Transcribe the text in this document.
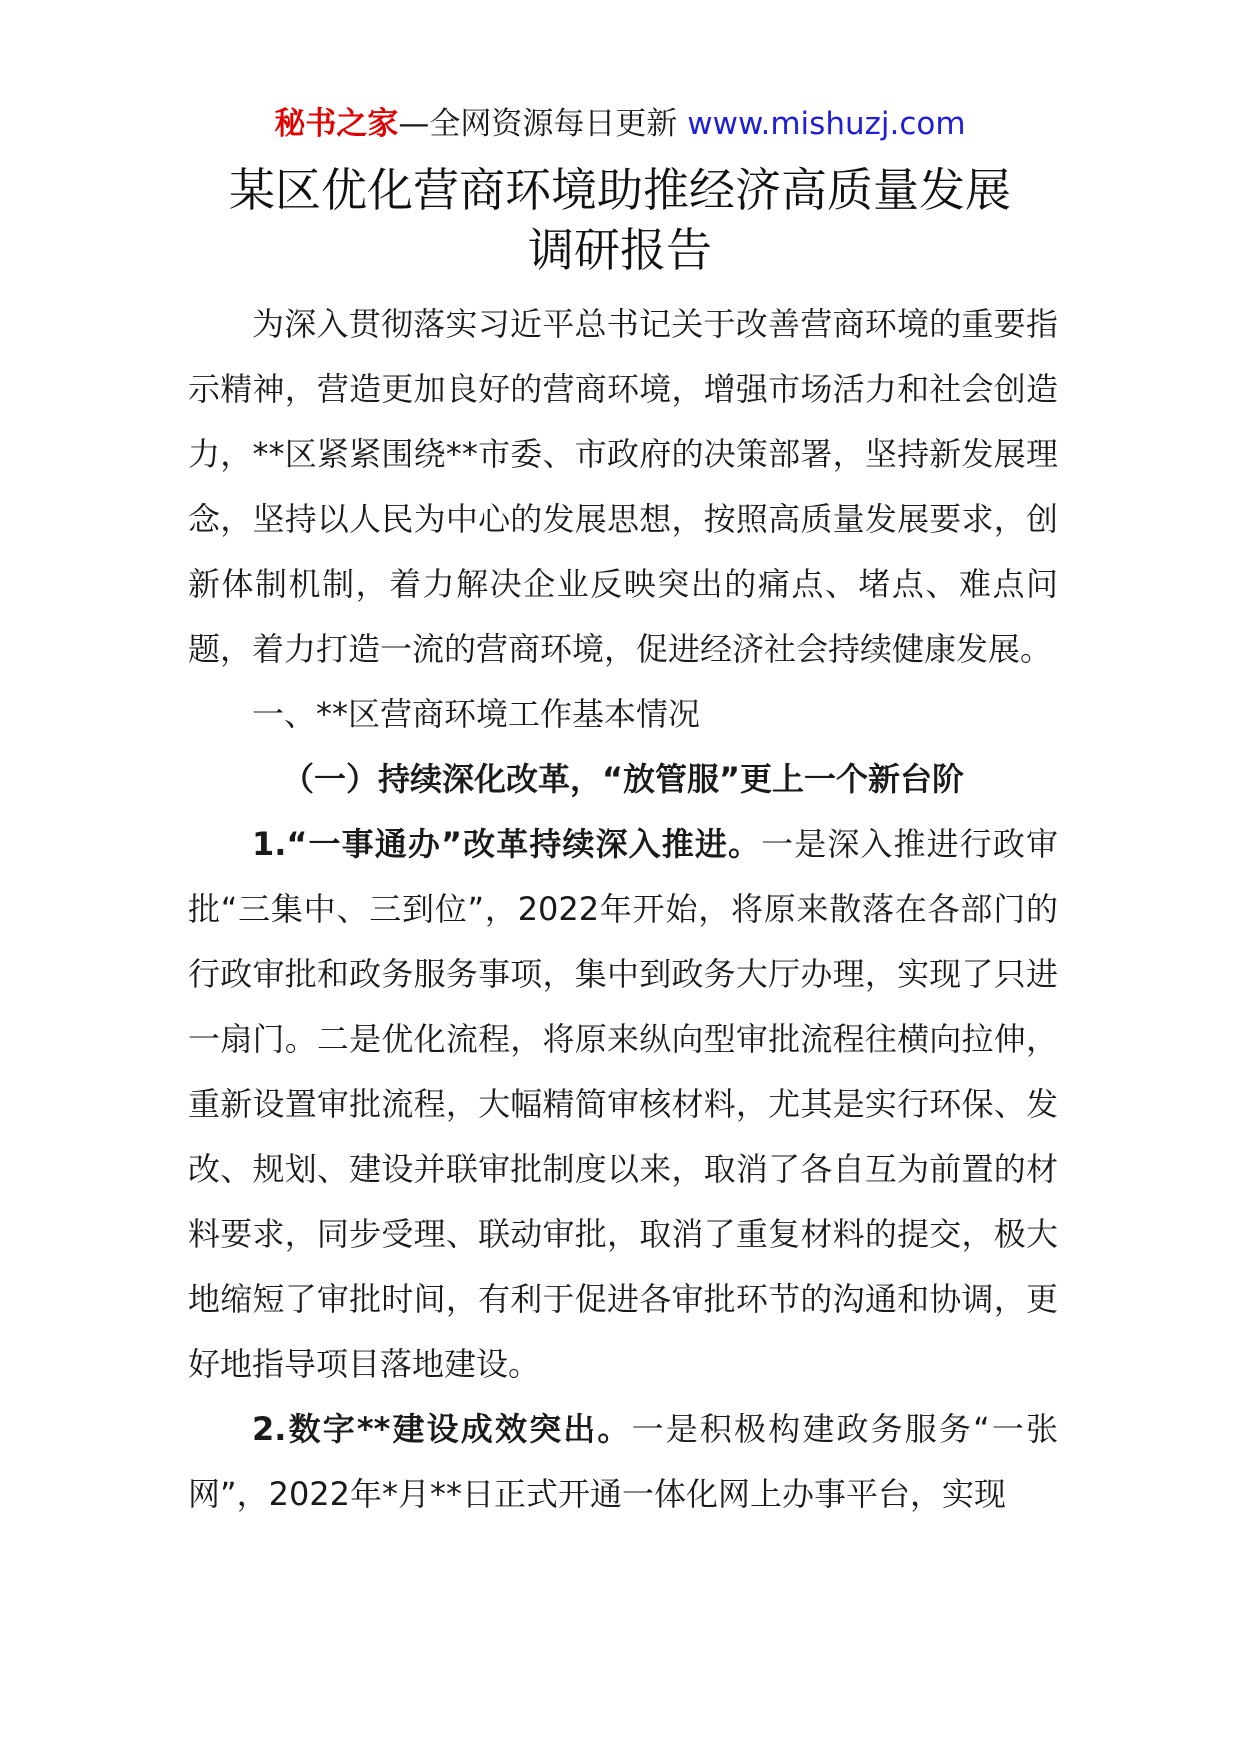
秘书之家—全网资源每日更新 www.mishuzj.com
某区优化营商环境助推经济高质量发展
调研报告

为深入贯彻落实习近平总书记关于改善营商环境的重要指示精神，营造更加良好的营商环境，增强市场活力和社会创造力，**区紧紧围绕**市委、市政府的决策部署，坚持新发展理念，坚持以人民为中心的发展思想，按照高质量发展要求，创新体制机制，着力解决企业反映突出的痛点、堵点、难点问题，着力打造一流的营商环境，促进经济社会持续健康发展。

一、**区营商环境工作基本情况

（一）持续深化改革，“放管服”更上一个新台阶

1.“一事通办”改革持续深入推进。一是深入推进行政审批“三集中、三到位”，2022年开始，将原来散落在各部门的行政审批和政务服务事项，集中到政务大厅办理，实现了只进一扇门。二是优化流程，将原来纵向型审批流程往横向拉伸，重新设置审批流程，大幅精简审核材料，尤其是实行环保、发改、规划、建设并联审批制度以来，取消了各自互为前置的材料要求，同步受理、联动审批，取消了重复材料的提交，极大地缩短了审批时间，有利于促进各审批环节的沟通和协调，更好地指导项目落地建设。

2.数字**建设成效突出。一是积极构建政务服务“一张网”，2022年*月**日正式开通一体化网上办事平台，实现
